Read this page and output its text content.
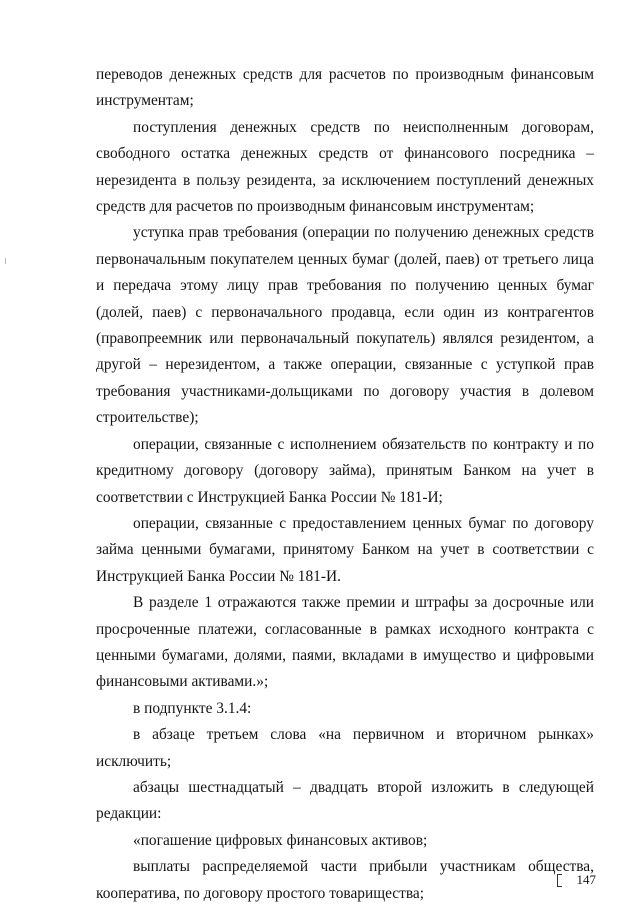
переводов денежных средств для расчетов по производным финансовым инструментам;

поступления денежных средств по неисполненным договорам, свободного остатка денежных средств от финансового посредника – нерезидента в пользу резидента, за исключением поступлений денежных средств для расчетов по производным финансовым инструментам;

уступка прав требования (операции по получению денежных средств первоначальным покупателем ценных бумаг (долей, паев) от третьего лица и передача этому лицу прав требования по получению ценных бумаг (долей, паев) с первоначального продавца, если один из контрагентов (правопреемник или первоначальный покупатель) являлся резидентом, а другой – нерезидентом, а также операции, связанные с уступкой прав требования участниками-дольщиками по договору участия в долевом строительстве);

операции, связанные с исполнением обязательств по контракту и по кредитному договору (договору займа), принятым Банком на учет в соответствии с Инструкцией Банка России № 181-И;

операции, связанные с предоставлением ценных бумаг по договору займа ценными бумагами, принятому Банком на учет в соответствии с Инструкцией Банка России № 181-И.

В разделе 1 отражаются также премии и штрафы за досрочные или просроченные платежи, согласованные в рамках исходного контракта с ценными бумагами, долями, паями, вкладами в имущество и цифровыми финансовыми активами.»;

в подпункте 3.1.4:

в абзаце третьем слова «на первичном и вторичном рынках» исключить;

абзацы шестнадцатый – двадцать второй изложить в следующей редакции:

«погашение цифровых финансовых активов;

выплаты распределяемой части прибыли участникам общества, кооператива, по договору простого товарищества;

147
